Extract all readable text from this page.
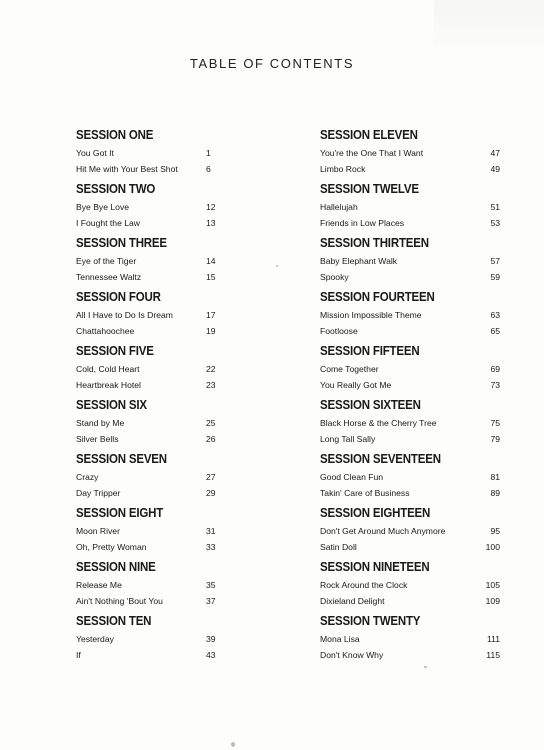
TABLE OF CONTENTS
SESSION ONE
You Got It	1
Hit Me with Your Best Shot	6
SESSION TWO
Bye Bye Love	12
I Fought the Law	13
SESSION THREE
Eye of the Tiger	14
Tennessee Waltz	15
SESSION FOUR
All I Have to Do Is Dream	17
Chattahoochee	19
SESSION FIVE
Cold, Cold Heart	22
Heartbreak Hotel	23
SESSION SIX
Stand by Me	25
Silver Bells	26
SESSION SEVEN
Crazy	27
Day Tripper	29
SESSION EIGHT
Moon River	31
Oh, Pretty Woman	33
SESSION NINE
Release Me	35
Ain't Nothing 'Bout You	37
SESSION TEN
Yesterday	39
If	43
SESSION ELEVEN
You're the One That I Want	47
Limbo Rock	49
SESSION TWELVE
Hallelujah	51
Friends in Low Places	53
SESSION THIRTEEN
Baby Elephant Walk	57
Spooky	59
SESSION FOURTEEN
Mission Impossible Theme	63
Footloose	65
SESSION FIFTEEN
Come Together	69
You Really Got Me	73
SESSION SIXTEEN
Black Horse & the Cherry Tree	75
Long Tall Sally	79
SESSION SEVENTEEN
Good Clean Fun	81
Takin' Care of Business	89
SESSION EIGHTEEN
Don't Get Around Much Anymore	95
Satin Doll	100
SESSION NINETEEN
Rock Around the Clock	105
Dixieland Delight	109
SESSION TWENTY
Mona Lisa	111
Don't Know Why	115
